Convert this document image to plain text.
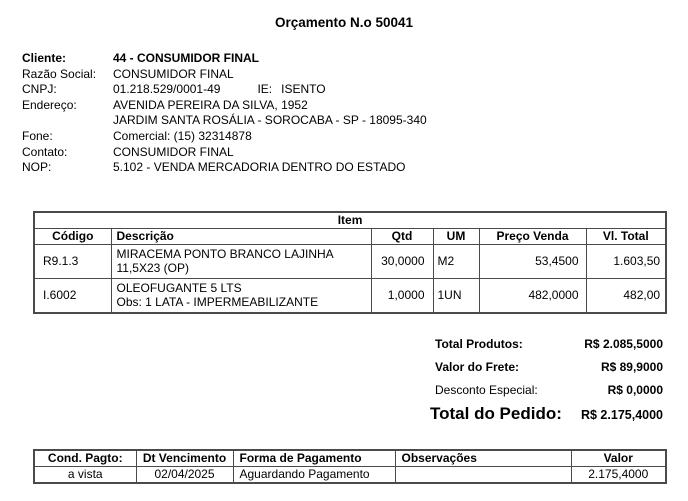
Orçamento N.o 50041
Cliente:	44 - CONSUMIDOR FINAL
Razão Social:	CONSUMIDOR FINAL
CNPJ:	01.218.529/0001-49	IE: ISENTO
Endereço:	AVENIDA PEREIRA DA SILVA, 1952
JARDIM SANTA ROSÁLIA - SOROCABA - SP - 18095-340
Fone:	Comercial: (15) 32314878
Contato:	CONSUMIDOR FINAL
NOP:	5.102 - VENDA MERCADORIA DENTRO DO ESTADO
Item					
Código	Descrição	Qtd	UM	Preço Venda	Vl. Total
R9.1.3	MIRACEMA PONTO BRANCO LAJINHA
11,5X23 (OP)	30,0000	M2	53,4500	1.603,50
I.6002	OLEOFUGANTE 5 LTS
Obs: 1 LATA - IMPERMEABILIZANTE	1,0000	1UN	482,0000	482,00
Total Produtos:	R$ 2.085,5000
Valor do Frete:	R$ 89,9000
Desconto Especial:	R$ 0,0000
Total do Pedido: R$ 2.175,4000
Cond. Pagto:	Dt Vencimento	Forma de Pagamento	Observações	Valor
a vista	02/04/2025	Aguardando Pagamento		2.175,4000
